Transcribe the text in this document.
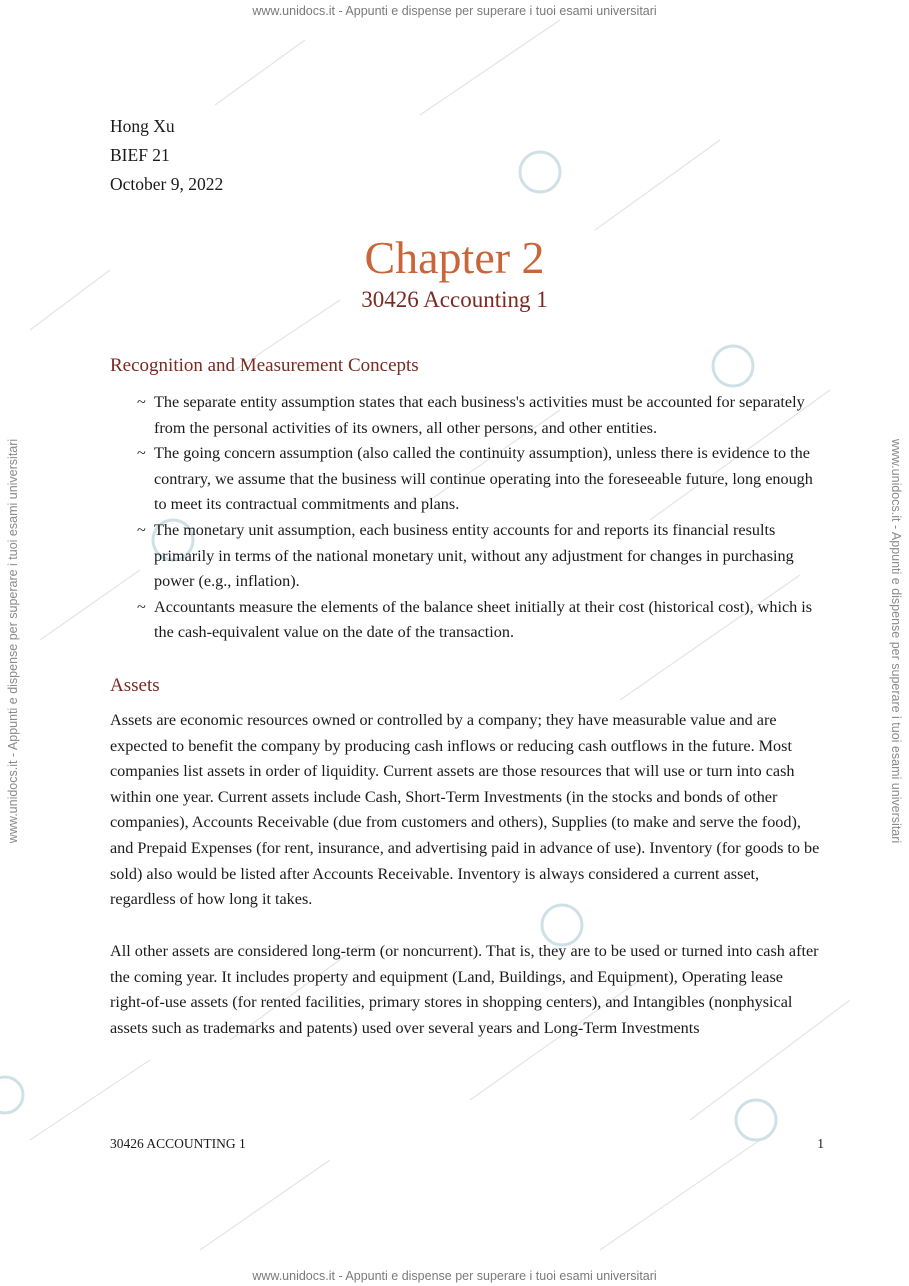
www.unidocs.it - Appunti e dispense per superare i tuoi esami universitari
www.unidocs.it - Appunti e dispense per superare i tuoi esami universitari
www.unidocs.it - Appunti e dispense per superare i tuoi esami universitari	www.unidocs.it - Appunti e dispense per superare i tuoi esami universitari
Hong Xu
BIEF 21
October 9, 2022
Chapter 2
30426 Accounting 1
Recognition and Measurement Concepts
~ The separate entity assumption states that each business's activities must be accounted for separately from the personal activities of its owners, all other persons, and other entities.
~ The going concern assumption (also called the continuity assumption), unless there is evidence to the contrary, we assume that the business will continue operating into the foreseeable future, long enough to meet its contractual commitments and plans.
~ The monetary unit assumption, each business entity accounts for and reports its financial results primarily in terms of the national monetary unit, without any adjustment for changes in purchasing power (e.g., inflation).
~ Accountants measure the elements of the balance sheet initially at their cost (historical cost), which is the cash-equivalent value on the date of the transaction.
Assets

Assets are economic resources owned or controlled by a company; they have measurable value and are expected to benefit the company by producing cash inflows or reducing cash outflows in the future. Most companies list assets in order of liquidity. Current assets are those resources that will use or turn into cash within one year. Current assets include Cash, Short-Term Investments (in the stocks and bonds of other companies), Accounts Receivable (due from customers and others), Supplies (to make and serve the food), and Prepaid Expenses (for rent, insurance, and advertising paid in advance of use). Inventory (for goods to be sold) also would be listed after Accounts Receivable. Inventory is always considered a current asset, regardless of how long it takes.

All other assets are considered long-term (or noncurrent). That is, they are to be used or turned into cash after the coming year. It includes property and equipment (Land, Buildings, and Equipment), Operating lease right-of-use assets (for rented facilities, primary stores in shopping centers), and Intangibles (nonphysical assets such as trademarks and patents) used over several years and Long-Term Investments

30426 ACCOUNTING 1	1
